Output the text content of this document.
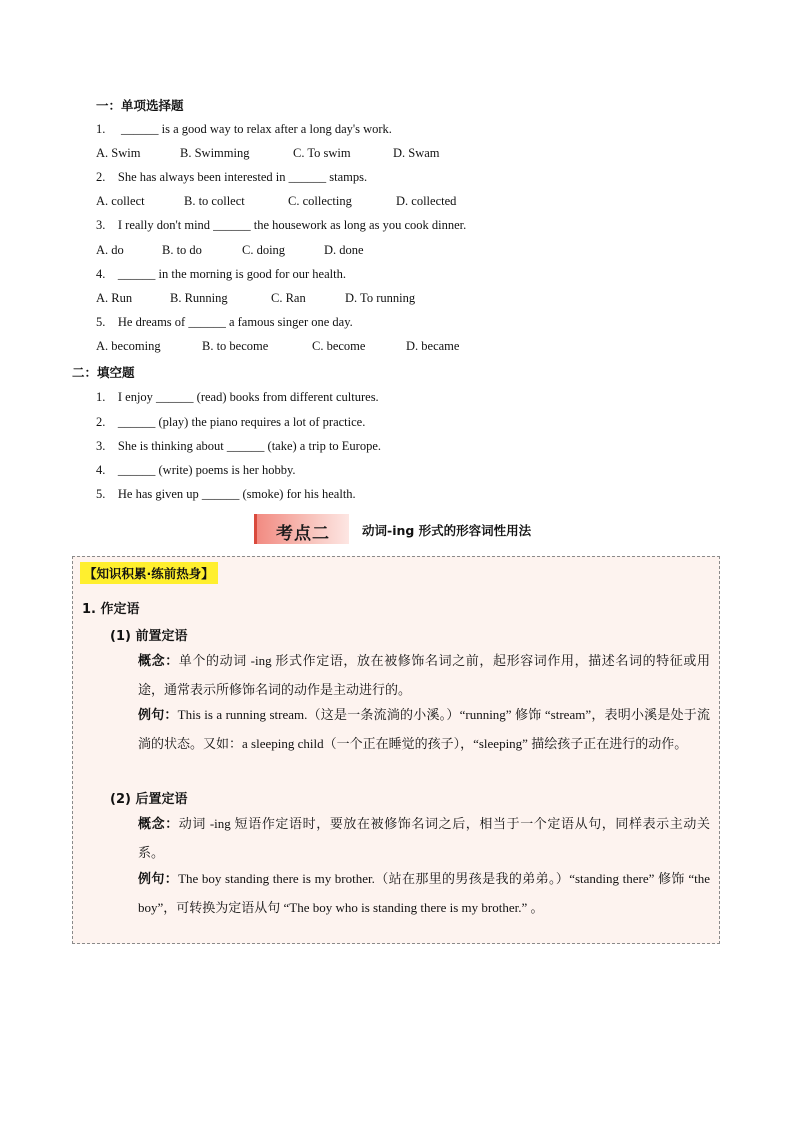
一：单项选择题
1. ______ is a good way to relax after a long day's work.
A. Swim	B. Swimming	C. To swim	D. Swam
2. She has always been interested in ______ stamps.
A. collect	B. to collect	C. collecting	D. collected
3. I really don't mind ______ the housework as long as you cook dinner.
A. do	B. to do	C. doing	D. done
4. ______ in the morning is good for our health.
A. Run	B. Running	C. Ran	D. To running
5. He dreams of ______ a famous singer one day.
A. becoming	B. to become	C. become	D. became
二：填空题
1. I enjoy ______ (read) books from different cultures.
2. ______ (play) the piano requires a lot of practice.
3. She is thinking about ______ (take) a trip to Europe.
4. ______ (write) poems is her hobby.
5. He has given up ______ (smoke) for his health.
考点二	动词-ing 形式的形容词性用法
【知识积累·练前热身】
1. 作定语
(1) 前置定语
概念：单个的动词 -ing 形式作定语，放在被修饰名词之前，起形容词作用，描述名词的特征或用途，通常表示所修饰名词的动作是主动进行的。
例句：This is a running stream.（这是一条流淌的小溪。）“running” 修饰 “stream”，表明小溪是处于流淌的状态。又如：a sleeping child（一个正在睡觉的孩子），“sleeping” 描绘孩子正在进行的动作。
(2) 后置定语
概念：动词 -ing 短语作定语时，要放在被修饰名词之后，相当于一个定语从句，同样表示主动关系。
例句：The boy standing there is my brother.（站在那里的男孩是我的弟弟。）“standing there” 修饰 “the boy”，可转换为定语从句 “The boy who is standing there is my brother.” 。
